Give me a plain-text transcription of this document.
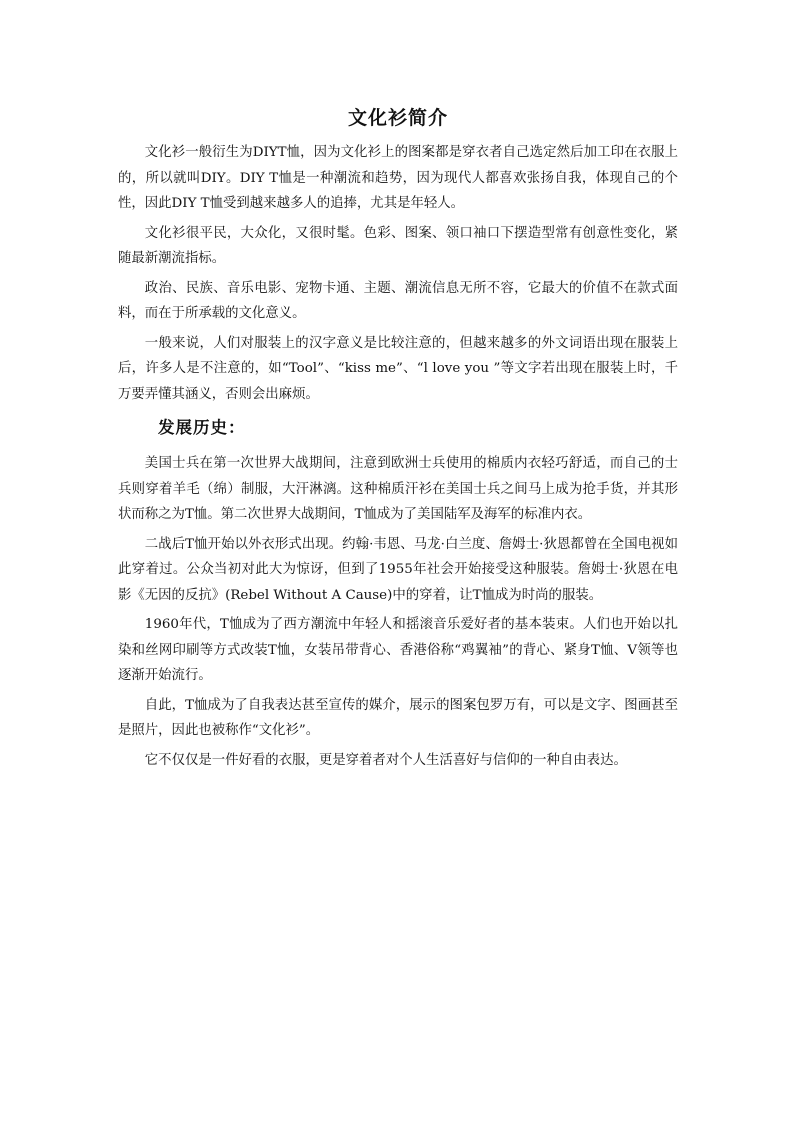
文化衫简介

文化衫一般衍生为DIYT恤，因为文化衫上的图案都是穿衣者自己选定然后加工印在衣服上的，所以就叫DIY。DIY T恤是一种潮流和趋势，因为现代人都喜欢张扬自我，体现自己的个性，因此DIY T恤受到越来越多人的追捧，尤其是年轻人。

文化衫很平民，大众化，又很时髦。色彩、图案、领口袖口下摆造型常有创意性变化，紧随最新潮流指标。

政治、民族、音乐电影、宠物卡通、主题、潮流信息无所不容，它最大的价值不在款式面料，而在于所承载的文化意义。

一般来说，人们对服装上的汉字意义是比较注意的，但越来越多的外文词语出现在服装上后，许多人是不注意的，如“Tool”、“kiss me”、“l love you ”等文字若出现在服装上时，千万要弄懂其涵义，否则会出麻烦。

发展历史：

美国士兵在第一次世界大战期间，注意到欧洲士兵使用的棉质内衣轻巧舒适，而自己的士兵则穿着羊毛（绵）制服，大汗淋漓。这种棉质汗衫在美国士兵之间马上成为抢手货，并其形状而称之为T恤。第二次世界大战期间，T恤成为了美国陆军及海军的标准内衣。

二战后T恤开始以外衣形式出现。约翰·韦恩、马龙·白兰度、詹姆士·狄恩都曾在全国电视如此穿着过。公众当初对此大为惊讶，但到了1955年社会开始接受这种服装。詹姆士·狄恩在电影《无因的反抗》(Rebel Without A Cause)中的穿着，让T恤成为时尚的服装。

1960年代，T恤成为了西方潮流中年轻人和摇滚音乐爱好者的基本装束。人们也开始以扎染和丝网印刷等方式改装T恤，女装吊带背心、香港俗称“鸡翼袖”的背心、紧身T恤、V领等也逐渐开始流行。

自此，T恤成为了自我表达甚至宣传的媒介，展示的图案包罗万有，可以是文字、图画甚至是照片，因此也被称作“文化衫”。

它不仅仅是一件好看的衣服，更是穿着者对个人生活喜好与信仰的一种自由表达。
